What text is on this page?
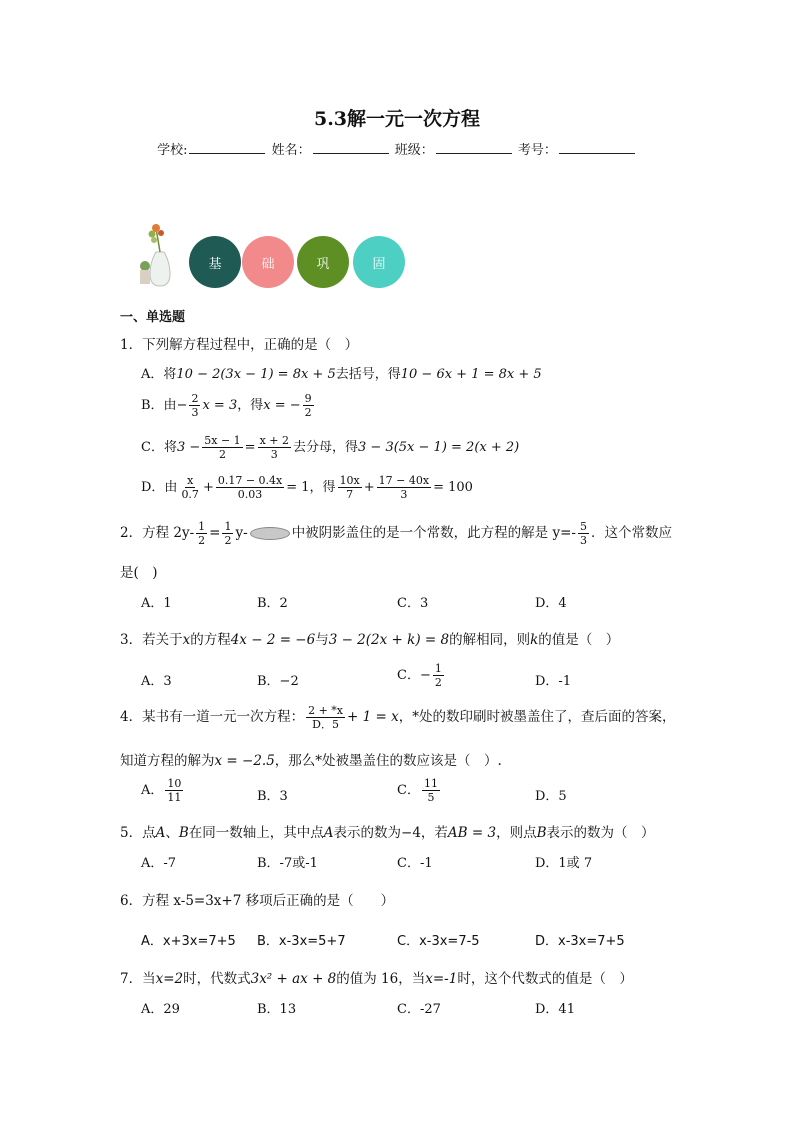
5.3解一元一次方程
学校:	姓名：	班级：	考号：
基	础	巩	固
一、单选题
1．下列解方程过程中，正确的是（　）
A．将10 − 2(3x − 1) = 8x + 5去括号，得10 − 6x + 1 = 8x + 5
B．由− $\frac{2}{3}$ x = 3，得x = − $\frac{9}{2}$
C．将$3 - \frac{5x - 1}{2} = \frac{x + 2}{3}$ 去分母，得3 − 3(5x − 1) = 2(x + 2)
D．由 $\frac{x}{0.7} + \frac{0.17 - 0.4x}{0.03} = 1$，得 $\frac{10x}{7} + \frac{17 - 40x}{3} = 100$
2．方程 $2y- \frac{1}{2} = \frac{1}{2} y-$	中被阴影盖住的是一个常数，此方程的解是 $y=- \frac{5}{3}$ ．这个常数应
是(　)
A．1	B．2	C．3	D．4
3．若关于x的方程4x − 2 = −6与3 − 2(2x + k) = 8的解相同，则k的值是（　）
A．3	B．−2	C．− $\frac{1}{2}$	D．-1
4．某书有一道一元一次方程： $\frac{2 + *x}{D.5} + 1 = x$，*处的数印刷时被墨盖住了，查后面的答案，
知道方程的解为x = −2.5，那么*处被墨盖住的数应该是（　）.
A． $\frac{10}{11}$	B．3	C． $\frac{11}{5}$	D．5
5．点A、B在同一数轴上，其中点A表示的数为−4，若AB = 3，则点B表示的数为（　）
A．-7	B．-7或-1	C．-1	D．1或 7
6．方程 x-5=3x+7 移项后正确的是（　　）
A．x+3x=7+5 B．x-3x=5+7	C．x-3x=7-5	D．x-3x=7+5
7．当x=2时，代数式3x² + ax + 8的值为 16，当x=-1时，这个代数式的值是（　）
A．29	B．13	C．-27	D．41
